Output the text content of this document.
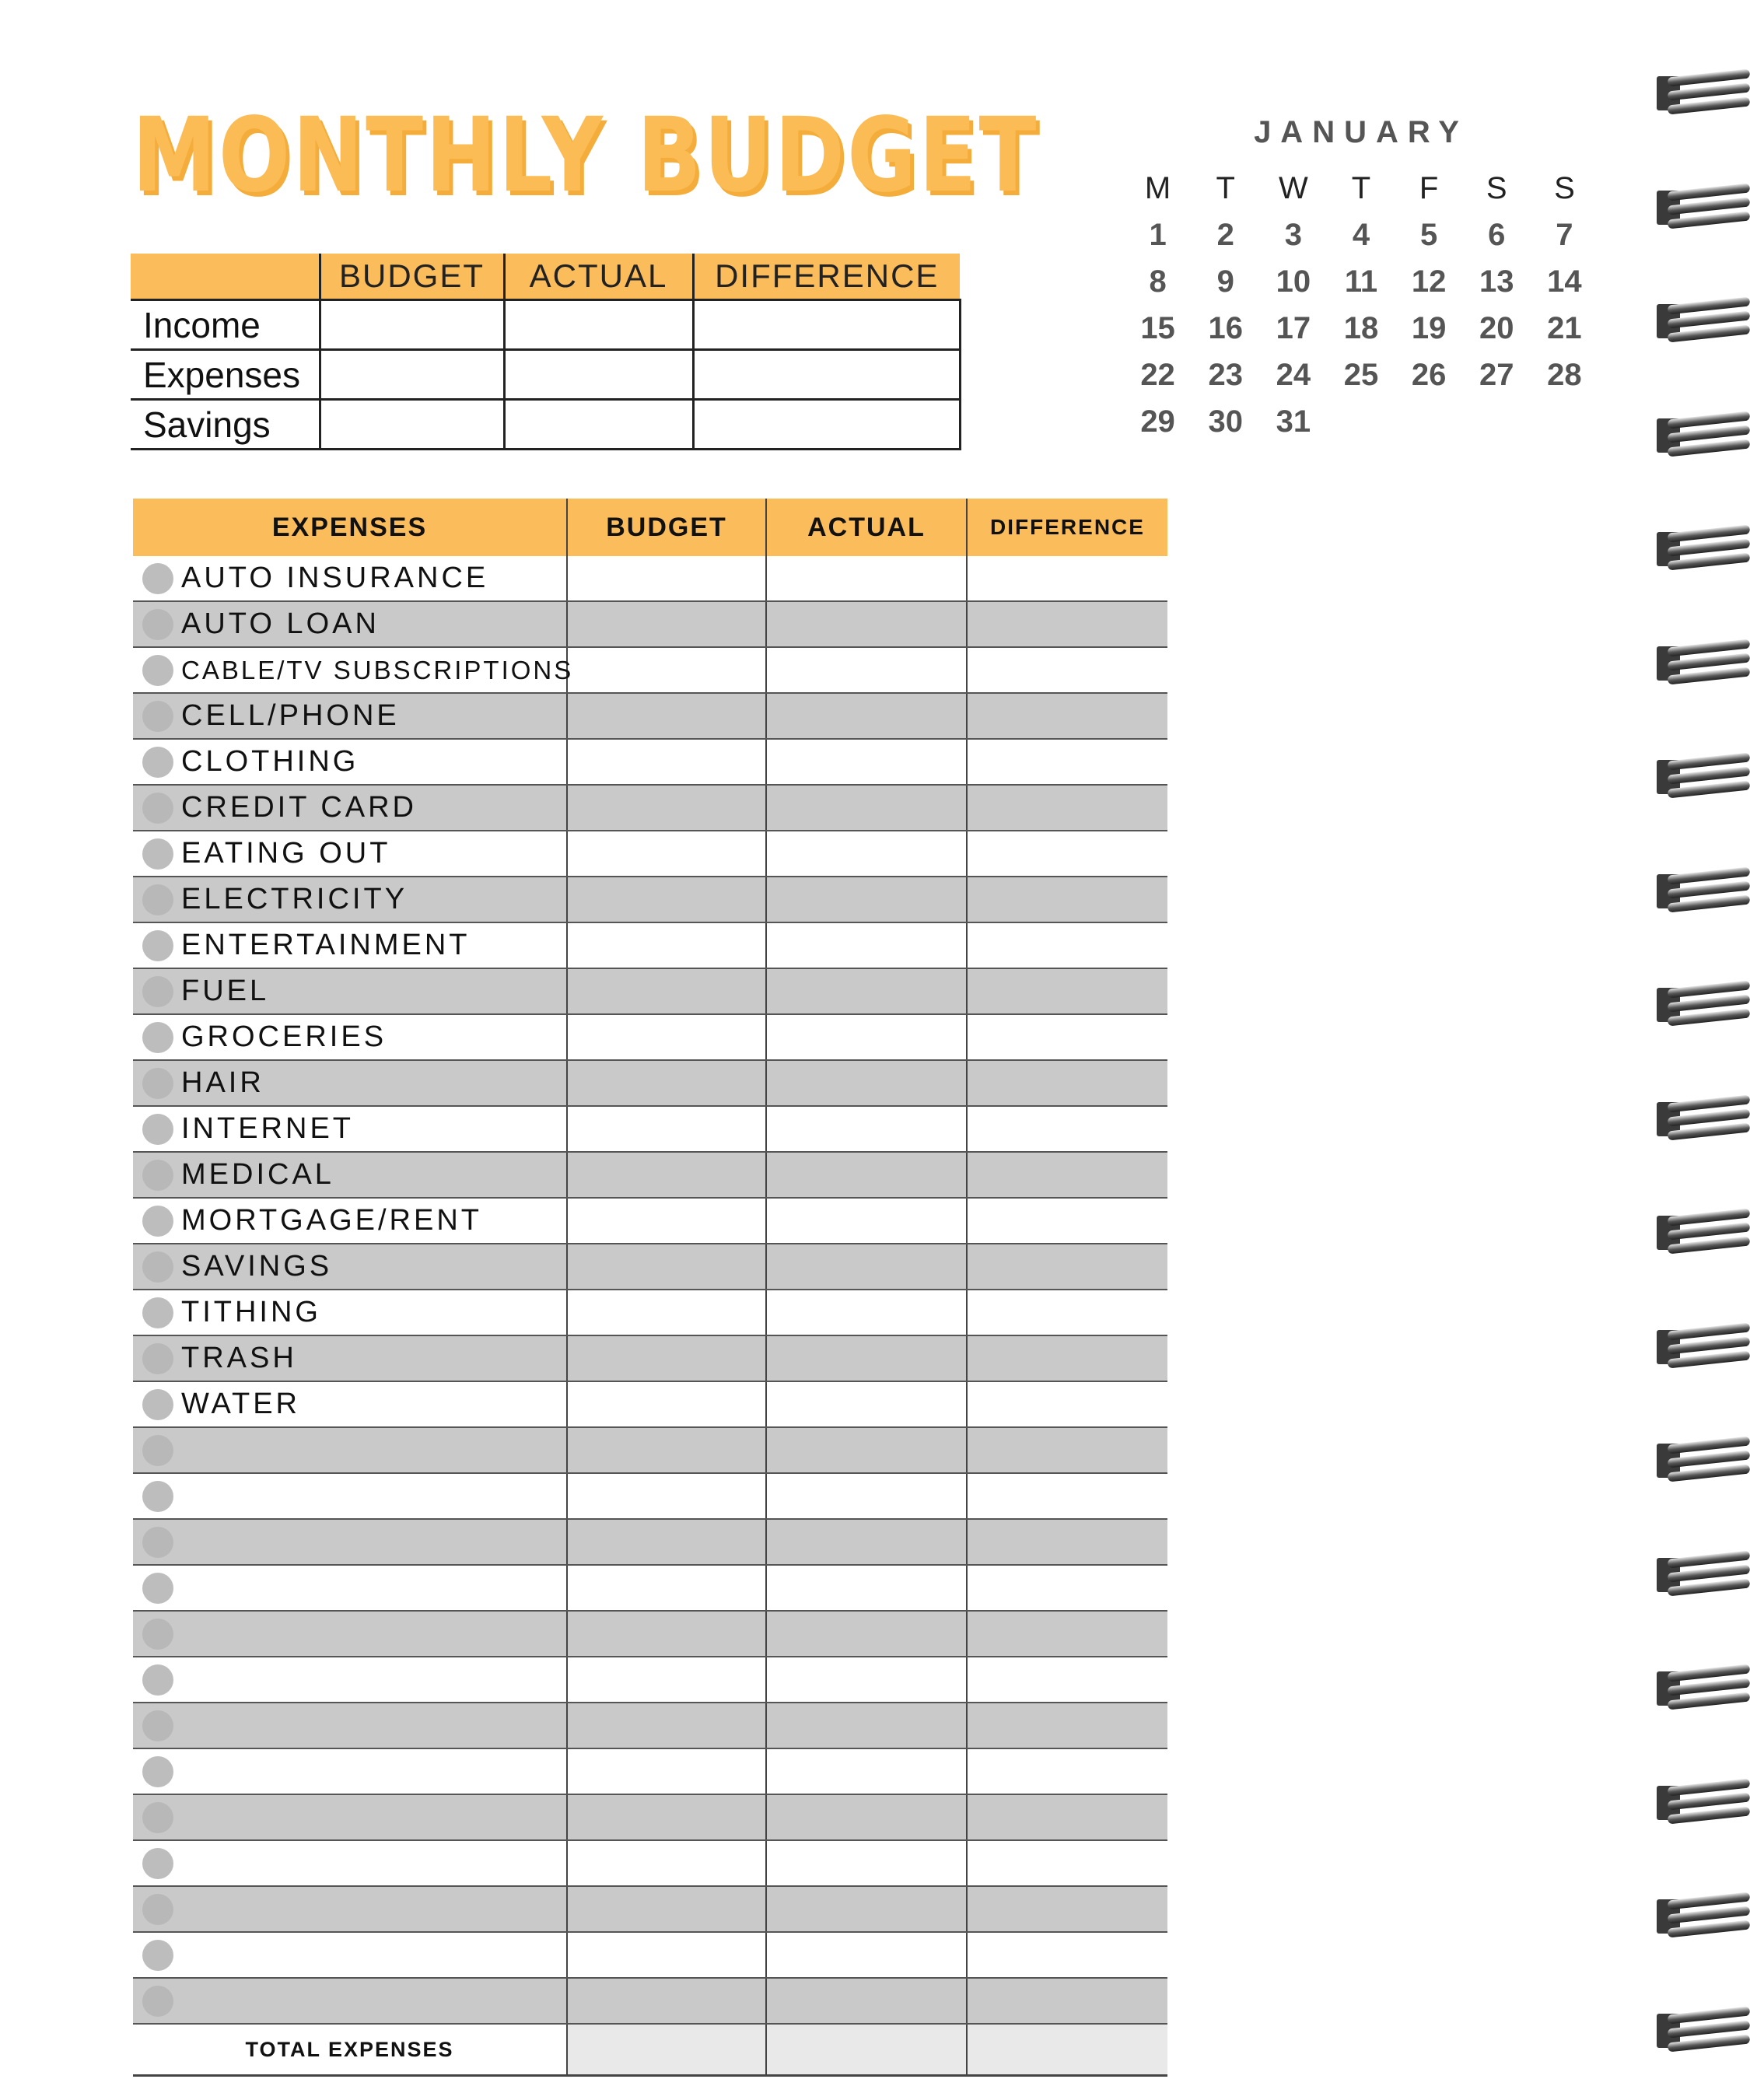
MONTHLY BUDGET
	BUDGET	ACTUAL	DIFFERENCE
Income			
Expenses			
Savings			
JANUARY
M	T	W	T	F	S	S
1	2	3	4	5	6	7
8	9	10	11	12	13	14
15	16	17	18	19	20	21
22	23	24	25	26	27	28
29	30	31
EXPENSES	BUDGET	ACTUAL	DIFFERENCE

AUTO INSURANCE			

AUTO LOAN			

CABLE/TV SUBSCRIPTIONS			

CELL/PHONE			

CLOTHING			

CREDIT CARD			

EATING OUT			

ELECTRICITY			

ENTERTAINMENT			

FUEL			

GROCERIES			

HAIR			

INTERNET			

MEDICAL			

MORTGAGE/RENT			

SAVINGS			

TITHING			

TRASH			

WATER			

TOTAL EXPENSES			
